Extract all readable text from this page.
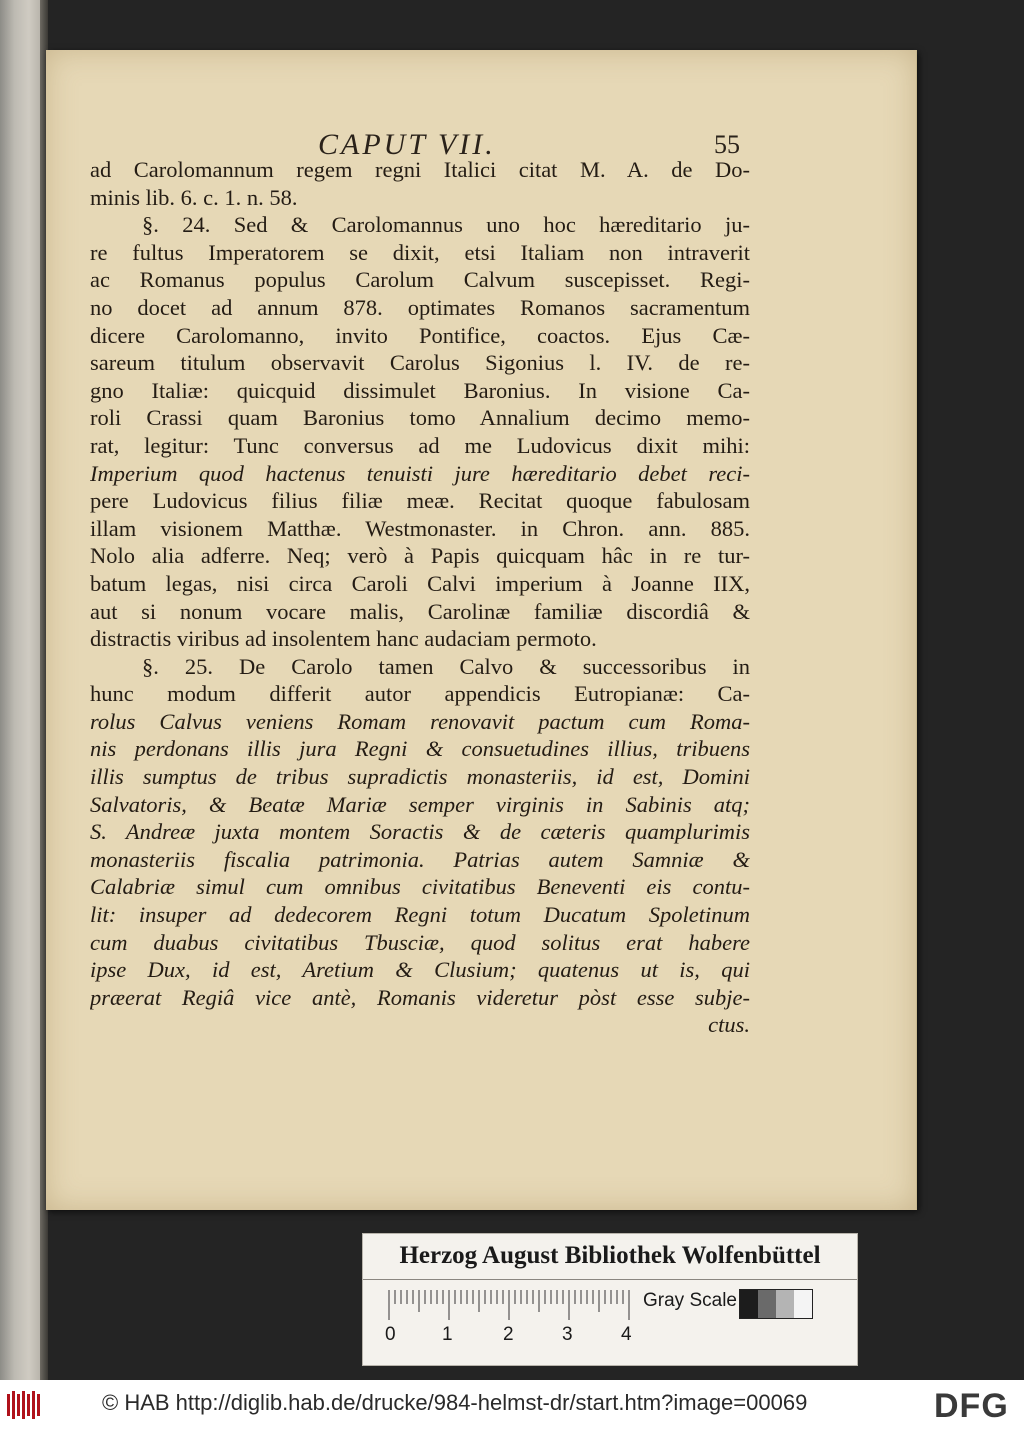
CAPUT VII.	55
ad Carolomannum regem regni Italici citat M. A. de Do-
minis lib. 6. c. 1. n. 58.
§. 24. Sed & Carolomannus uno hoc hæreditario ju-
re fultus Imperatorem se dixit, etsi Italiam non intraverit
ac Romanus populus Carolum Calvum suscepisset. Regi-
no docet ad annum 878. optimates Romanos sacramentum
dicere Carolomanno, invito Pontifice, coactos. Ejus Cæ-
sareum titulum observavit Carolus Sigonius l. IV. de re-
gno Italiæ: quicquid dissimulet Baronius. In visione Ca-
roli Crassi quam Baronius tomo Annalium decimo memo-
rat, legitur: Tunc conversus ad me Ludovicus dixit mihi:
Imperium quod hactenus tenuisti jure hæreditario debet reci-
pere Ludovicus filius filiæ meæ. Recitat quoque fabulosam
illam visionem Matthæ. Westmonaster. in Chron. ann. 885.
Nolo alia adferre. Neq; verò à Papis quicquam hâc in re tur-
batum legas, nisi circa Caroli Calvi imperium à Joanne IIX,
aut si nonum vocare malis, Carolinæ familiæ discordiâ &
distractis viribus ad insolentem hanc audaciam permoto.
§. 25. De Carolo tamen Calvo & successoribus in
hunc modum differit autor appendicis Eutropianæ: Ca-
rolus Calvus veniens Romam renovavit pactum cum Roma-
nis perdonans illis jura Regni & consuetudines illius, tribuens
illis sumptus de tribus supradictis monasteriis, id est, Domini
Salvatoris, & Beatæ Mariæ semper virginis in Sabinis atq;
S. Andreæ juxta montem Soractis & de cæteris quamplurimis
monasteriis fiscalia patrimonia. Patrias autem Samniæ &
Calabriæ simul cum omnibus civitatibus Beneventi eis contu-
lit: insuper ad dedecorem Regni totum Ducatum Spoletinum
cum duabus civitatibus Tbusciæ, quod solitus erat habere
ipse Dux, id est, Aretium & Clusium; quatenus ut is, qui
præerat Regiâ vice antè, Romanis videretur pòst esse subje-
ctus.
Herzog August Bibliothek Wolfenbüttel
0 1	2	3	4
Gray Scale
© HAB http://diglib.hab.de/drucke/984-helmst-dr/start.htm?image=00069	DFG
